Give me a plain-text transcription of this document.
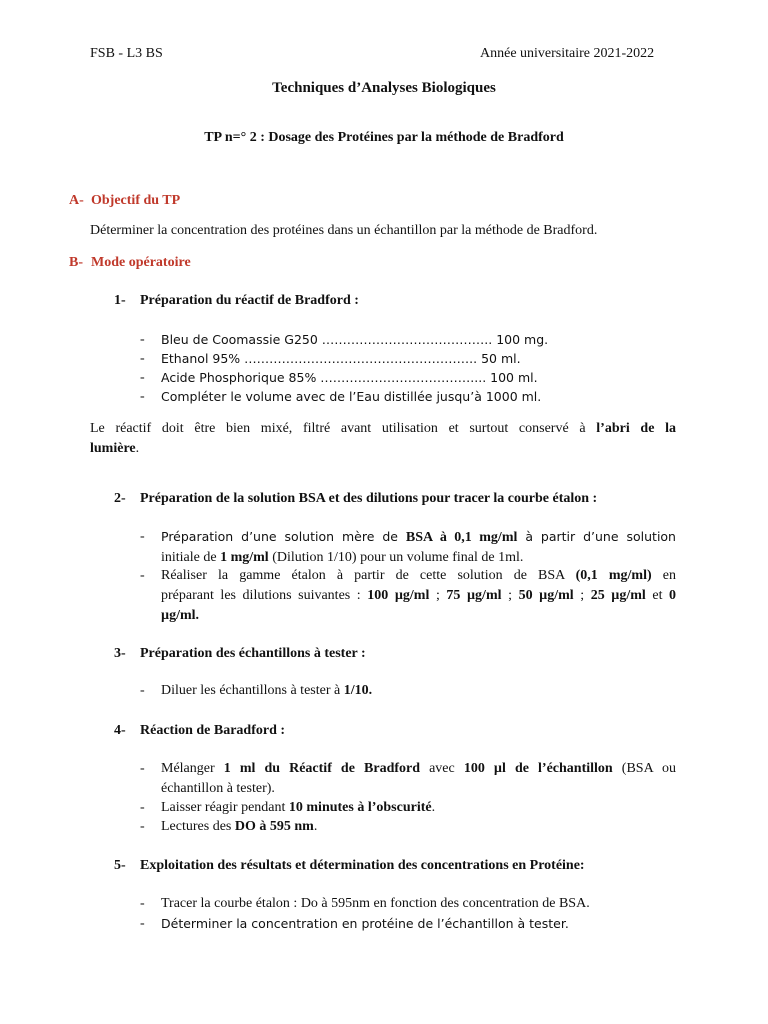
FSB - L3 BS	Année universitaire 2021-2022
Techniques d’Analyses Biologiques
TP n=° 2 : Dosage des Protéines par la méthode de Bradford
A- Objectif du TP
Déterminer la concentration des protéines dans un échantillon par la méthode de Bradford.
B- Mode opératoire
1- Préparation du réactif de Bradford :
- Bleu de Coomassie G250 ………………………………….. 100 mg.
- Ethanol 95% ……………………………………………….. 50 ml.
- Acide Phosphorique 85% ……………………………….... 100 ml.
- Compléter le volume avec de l’Eau distillée jusqu’à 1000 ml.
Le réactif doit être bien mixé, filtré avant utilisation et surtout conservé à l’abri de la
lumière.
2- Préparation de la solution BSA et des dilutions pour tracer la courbe étalon :
- Préparation d’une solution mère de BSA à 0,1 mg/ml à partir d’une solution
initiale de 1 mg/ml (Dilution 1/10) pour un volume final de 1ml.
- Réaliser la gamme étalon à partir de cette solution de BSA (0,1 mg/ml) en
préparant les dilutions suivantes : 100 µg/ml ; 75 µg/ml ; 50 µg/ml ; 25 µg/ml et 0
µg/ml.
3- Préparation des échantillons à tester :
- Diluer les échantillons à tester à 1/10.
4- Réaction de Baradford :
- Mélanger 1 ml du Réactif de Bradford avec 100 µl de l’échantillon (BSA ou
échantillon à tester).
- Laisser réagir pendant 10 minutes à l’obscurité.
- Lectures des DO à 595 nm.
5- Exploitation des résultats et détermination des concentrations en Protéine:
- Tracer la courbe étalon : Do à 595nm en fonction des concentration de BSA.
- Déterminer la concentration en protéine de l’échantillon à tester.
